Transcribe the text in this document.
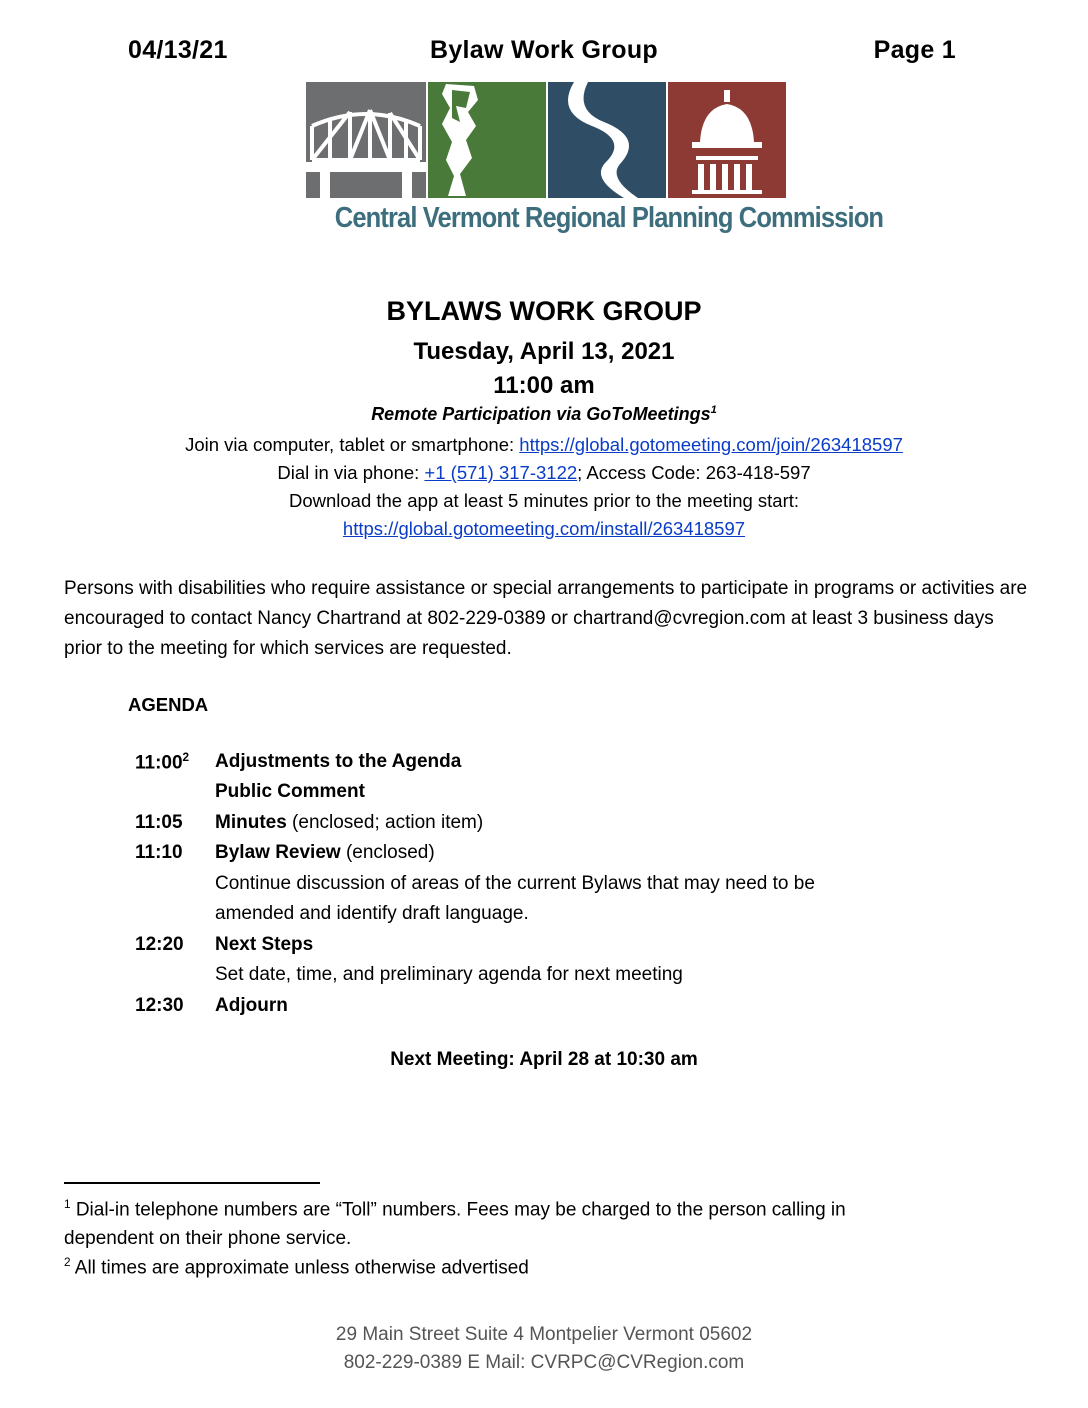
04/13/21	Bylaw Work Group	Page 1
Central Vermont Regional Planning Commission
BYLAWS WORK GROUP
Tuesday, April 13, 2021
11:00 am
Remote Participation via GoToMeetings$^1$
Join via computer, tablet or smartphone: https://global.gotomeeting.com/join/263418597
Dial in via phone: +1 (571) 317-3122; Access Code: 263-418-597
Download the app at least 5 minutes prior to the meeting start:
https://global.gotomeeting.com/install/263418597
Persons with disabilities who require assistance or special arrangements to participate in programs or activities are encouraged to contact Nancy Chartrand at 802-229-0389 or chartrand@cvregion.com at least 3 business days prior to the meeting for which services are requested.
AGENDA
$11:00^2$ Adjustments to the Agenda
Public Comment
11:05 Minutes (enclosed; action item)
11:10 Bylaw Review (enclosed)
Continue discussion of areas of the current Bylaws that may need to be
amended and identify draft language.
12:20 Next Steps
Set date, time, and preliminary agenda for next meeting
12:30 Adjourn
Next Meeting: April 28 at 10:30 am
$^1$ Dial-in telephone numbers are “Toll” numbers. Fees may be charged to the person calling in
dependent on their phone service.
$^2$ All times are approximate unless otherwise advertised
29 Main Street Suite 4 Montpelier Vermont 05602
802-229-0389 E Mail: CVRPC@CVRegion.com
